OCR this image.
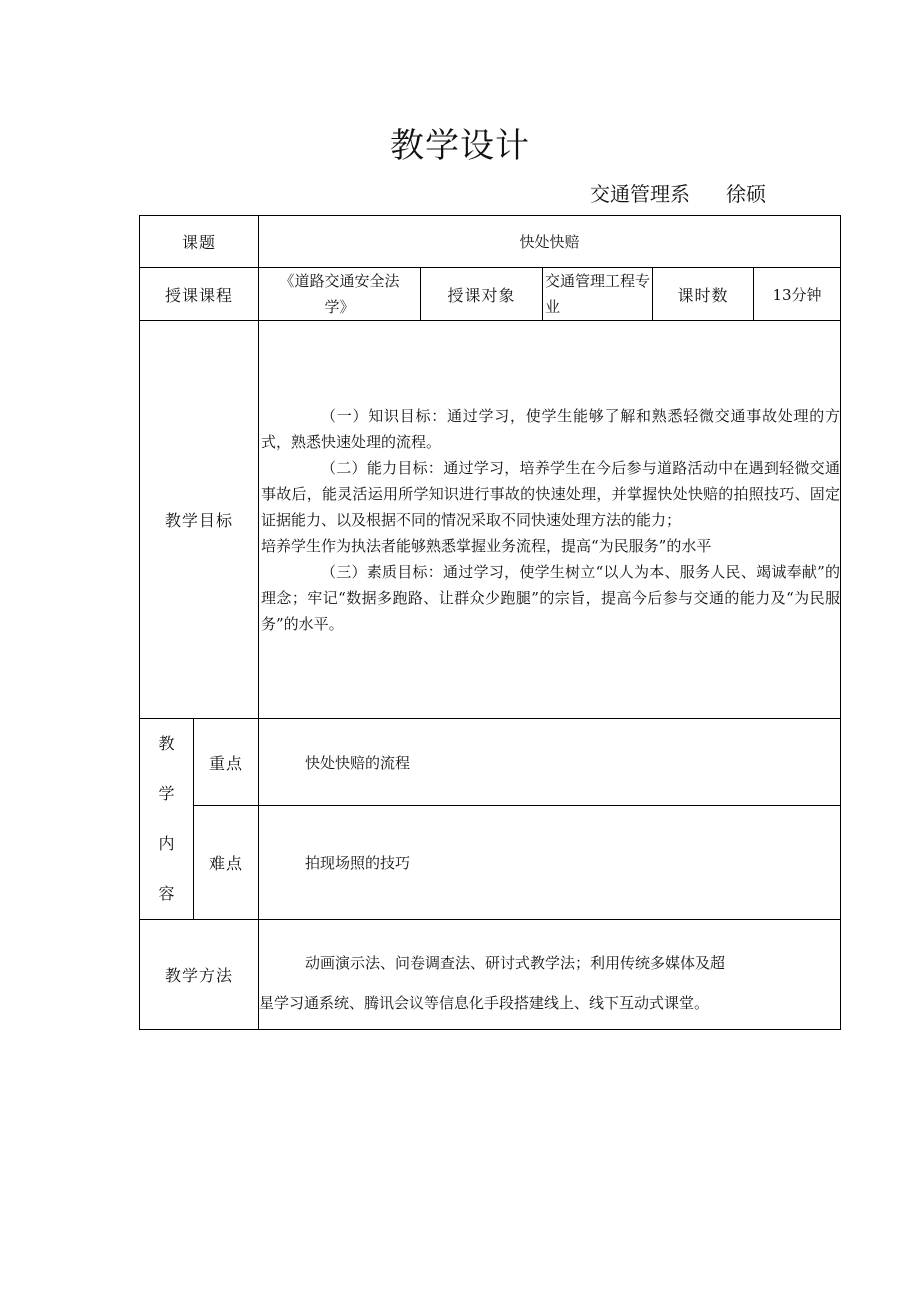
教学设计
交通管理系 徐硕
课题		快处快赔				
授课课程		《道路交通安全法学》	授课对象	交通管理工程专业	课时数	13分钟
教学目标		（一）知识目标：通过学习，使学生能够了解和熟悉轻微交通事故处理的方式，熟悉快速处理的流程。

（二）能力目标：通过学习，培养学生在今后参与道路活动中在遇到轻微交通事故后，能灵活运用所学知识进行事故的快速处理，并掌握快处快赔的拍照技巧、固定证据能力、以及根据不同的情况采取不同快速处理方法的能力；

培养学生作为执法者能够熟悉掌握业务流程，提高“为民服务”的水平

（三）素质目标：通过学习，使学生树立“以人为本、服务人民、竭诚奉献”的理念；牢记“数据多跑路、让群众少跑腿”的宗旨，提高今后参与交通的能力及“为民服务”的水平。				

教
学
内
容	重点	快处快赔的流程				
	难点	拍现场照的技巧				
教学方法		动画演示法、问卷调查法、研讨式教学法；利用传统多媒体及超

星学习通系统、腾讯会议等信息化手段搭建线上、线下互动式课堂。				
